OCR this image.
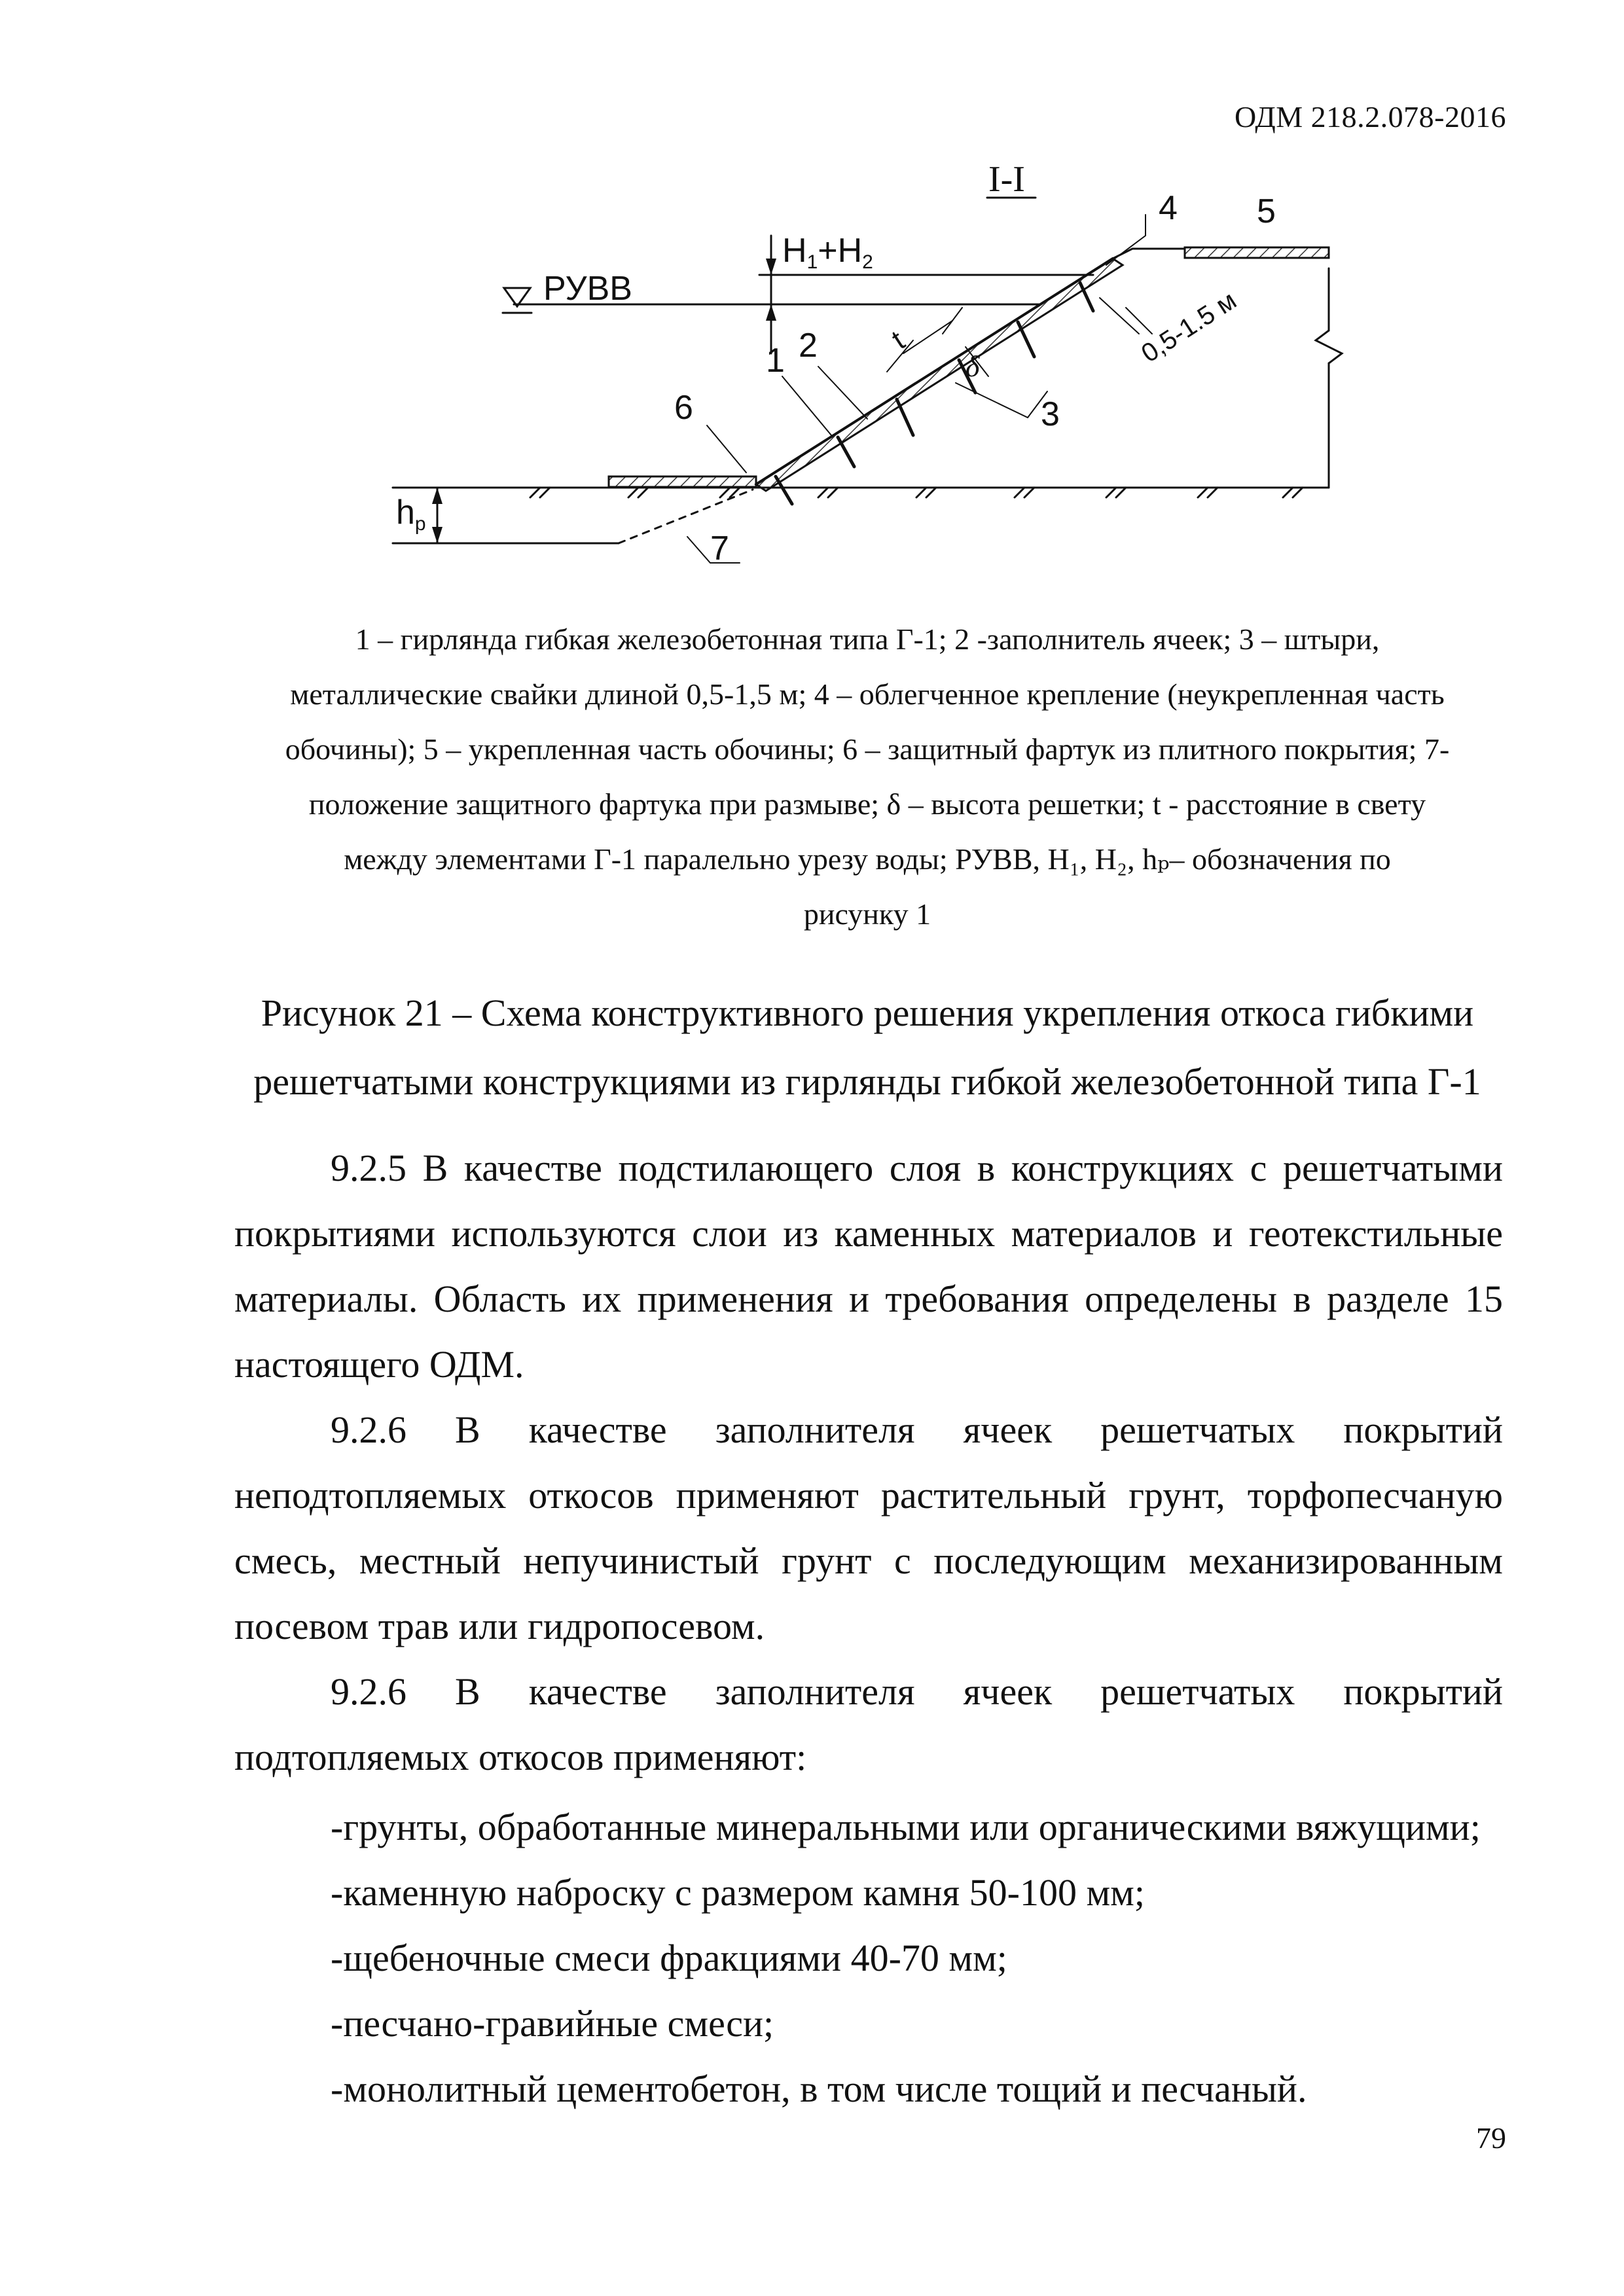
ОДМ 218.2.078-2016
I-I
РУВВ
H1+H2
hp
0,5-1.5 м
t
δ
1 2
3
4 5
6
7
1 – гирлянда гибкая железобетонная типа Г-1; 2 -заполнитель ячеек; 3 – штыри,
металлические свайки длиной 0,5-1,5 м; 4 – облегченное крепление (неукрепленная часть
обочины); 5 – укрепленная часть обочины; 6 – защитный фартук из плитного покрытия; 7-
положение защитного фартука при размыве; δ – высота решетки; t - расстояние в свету
между элементами Г-1 паралельно урезу воды; РУВВ, H₁, H₂, hₚ– обозначения по
рисунку 1
Рисунок 21 – Схема конструктивного решения укрепления откоса гибкими
решетчатыми конструкциями из гирлянды гибкой железобетонной типа Г-1
9.2.5 В качестве подстилающего слоя в конструкциях с решетчатыми
покрытиями используются слои из каменных материалов и геотекстильные
материалы. Область их применения и требования определены в разделе 15
настоящего ОДМ.
9.2.6 В качестве заполнителя ячеек решетчатых покрытий
неподтопляемых откосов применяют растительный грунт, торфопесчаную
смесь, местный непучинистый грунт с последующим механизированным
посевом трав или гидропосевом.
9.2.6 В качестве заполнителя ячеек решетчатых покрытий
подтопляемых откосов применяют:
-грунты, обработанные минеральными или органическими вяжущими;
-каменную наброску с размером камня 50-100 мм;
-щебеночные смеси фракциями 40-70 мм;
-песчано-гравийные смеси;
-монолитный цементобетон, в том числе тощий и песчаный.
79
